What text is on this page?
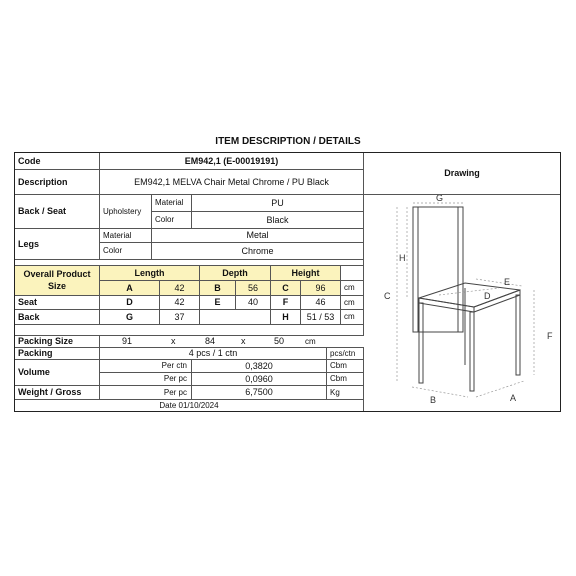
ITEM DESCRIPTION / DETAILS
Code	EM942,1 (E-00019191)
Description	EM942,1 MELVA Chair Metal Chrome / PU Black
Back / Seat	Upholstery
Material	PU
Color	Black
Legs
Material	Metal
Color	Chrome
Overall Product
Size
Length	Depth	Height
A	42	B	56	C	96	cm
Seat	D	42	E	40	F	46	cm
Back	G	37	H	51 / 53	cm
Packing Size	91	x	84	x	50	cm
Packing	4 pcs / 1 ctn	pcs/ctn
Volume
Per ctn	0,3820	Cbm
Per pc	0,0960	Cbm
Weight / Gross	Per pc	6,7500	Kg
Date 01/10/2024
Drawing
G
H
C	D
E
F
B	A
